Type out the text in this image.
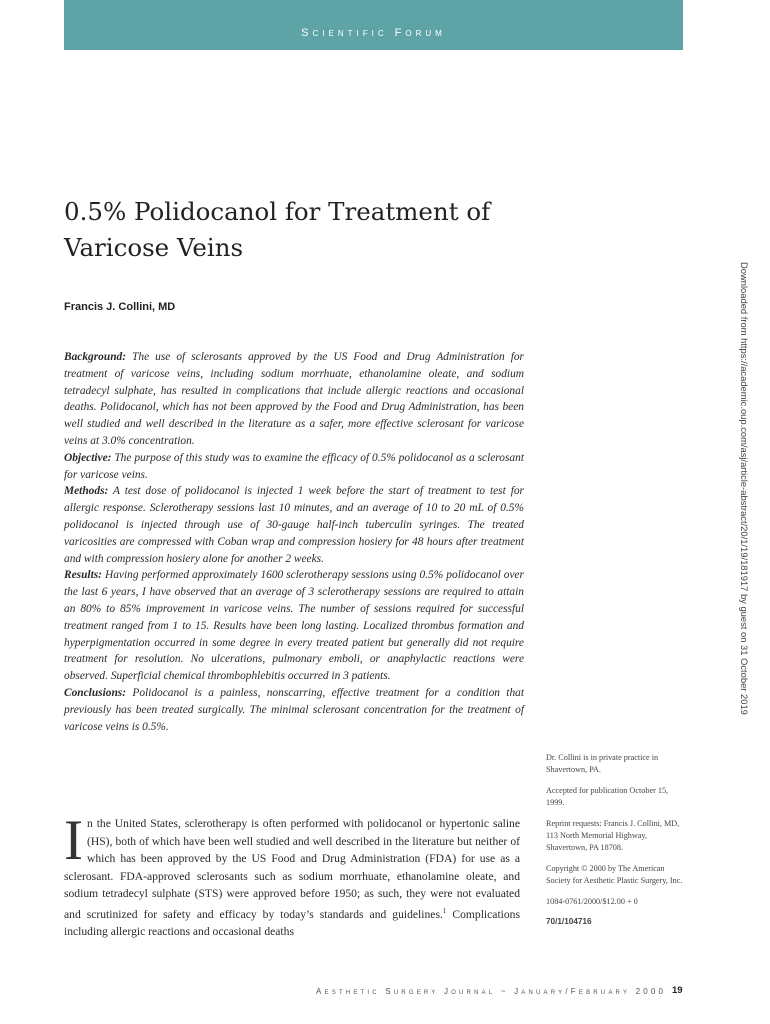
Scientific Forum
0.5% Polidocanol for Treatment of Varicose Veins
Francis J. Collini, MD

Background: The use of sclerosants approved by the US Food and Drug Administration for treatment of varicose veins, including sodium morrhuate, ethanolamine oleate, and sodium tetradecyl sulphate, has resulted in complications that include allergic reactions and occasional deaths. Polidocanol, which has not been approved by the Food and Drug Administration, has been well studied and well described in the literature as a safer, more effective sclerosant for varicose veins at 3.0% concentration.

Objective: The purpose of this study was to examine the efficacy of 0.5% polidocanol as a sclerosant for varicose veins.

Methods: A test dose of polidocanol is injected 1 week before the start of treatment to test for allergic response. Sclerotherapy sessions last 10 minutes, and an average of 10 to 20 mL of 0.5% polidocanol is injected through use of 30-gauge half-inch tuberculin syringes. The treated varicosities are compressed with Coban wrap and compression hosiery for 48 hours after treatment and with compression hosiery alone for another 2 weeks.

Results: Having performed approximately 1600 sclerotherapy sessions using 0.5% polidocanol over the last 6 years, I have observed that an average of 3 sclerotherapy sessions are required to attain an 80% to 85% improvement in varicose veins. The number of sessions required for successful treatment ranged from 1 to 15. Results have been long lasting. Localized thrombus formation and hyperpigmentation occurred in some degree in every treated patient but generally did not require treatment for resolution. No ulcerations, pulmonary emboli, or anaphylactic reactions were observed. Superficial chemical thrombophlebitis occurred in 3 patients.

Conclusions: Polidocanol is a painless, nonscarring, effective treatment for a condition that previously has been treated surgically. The minimal sclerosant concentration for the treatment of varicose veins is 0.5%.

In the United States, sclerotherapy is often performed with polidocanol or hypertonic saline (HS), both of which have been well studied and well described in the literature but neither of which has been approved by the US Food and Drug Administration (FDA) for use as a sclerosant. FDA-approved sclerosants such as sodium morrhuate, ethanolamine oleate, and sodium tetradecyl sulphate (STS) were approved before 1950; as such, they were not evaluated and scrutinized for safety and efficacy by today’s standards and guidelines.$^1$ Complications including allergic reactions and occasional deaths

Dr. Collini is in private practice in Shavertown, PA.

Accepted for publication October 15, 1999.

Reprint requests: Francis J. Collini, MD, 113 North Memorial Highway, Shavertown, PA 18708.

Copyright © 2000 by The American Society for Aesthetic Plastic Surgery, Inc.

1084-0761/2000/$12.00 + 0

70/1/104716

Downloaded from https://academic.oup.com/asj/article-abstract/20/1/19/181917 by guest on 31 October 2019
Aesthetic Surgery Journal ~ January/February 2000 19
